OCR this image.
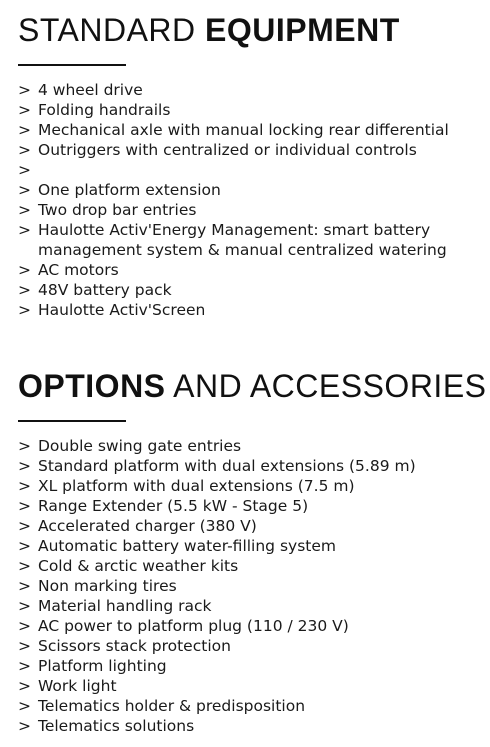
STANDARD EQUIPMENT
> 4 wheel drive
> Folding handrails
> Mechanical axle with manual locking rear differential
> Outriggers with centralized or individual controls
>

> One platform extension
> Two drop bar entries
> Haulotte Activ'Energy Management: smart battery
management system & manual centralized watering
> AC motors
> 48V battery pack
> Haulotte Activ'Screen
OPTIONS AND ACCESSORIES
> Double swing gate entries
> Standard platform with dual extensions (5.89 m)
> XL platform with dual extensions (7.5 m)
> Range Extender (5.5 kW - Stage 5)
> Accelerated charger (380 V)
> Automatic battery water-filling system
> Cold & arctic weather kits
> Non marking tires
> Material handling rack
> AC power to platform plug (110 / 230 V)
> Scissors stack protection
> Platform lighting
> Work light
> Telematics holder & predisposition
> Telematics solutions
